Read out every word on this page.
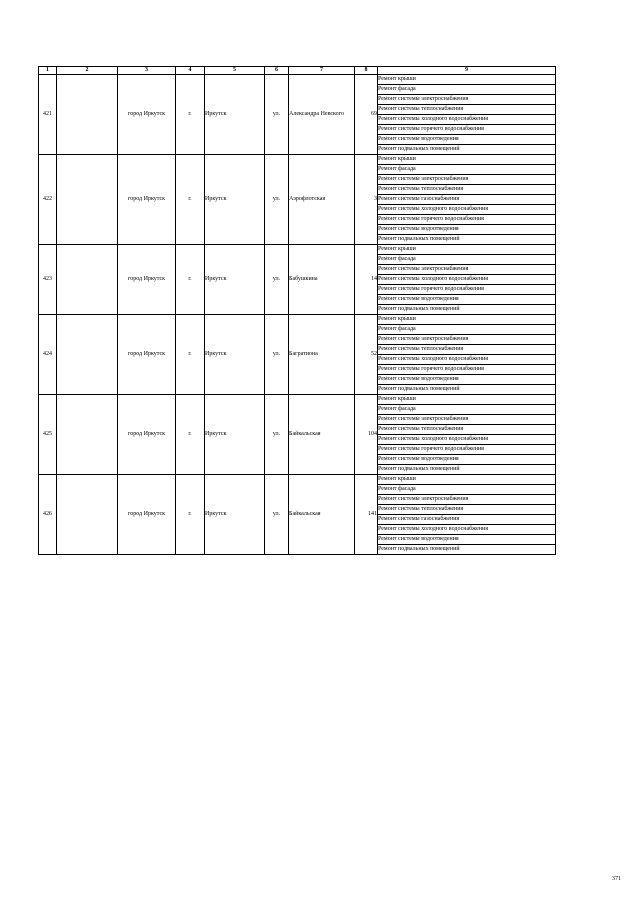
1	2	3	4	5	6	7	8	9
421		город Иркутск	г.	Иркутск	ул.	Александра Невского	69	Ремонт крыши
								Ремонт фасада
								Ремонт системы электроснабжения
								Ремонт системы теплоснабжения
								Ремонт системы холодного водоснабжения
								Ремонт системы горячего водоснабжения
								Ремонт системы водоотведения
								Ремонт подвальных помещений
422		город Иркутск	г.	Иркутск	ул.	Аэрофлотская	3	Ремонт крыши
								Ремонт фасада
								Ремонт системы электроснабжения
								Ремонт системы теплоснабжения
								Ремонт системы газоснабжения
								Ремонт системы холодного водоснабжения
								Ремонт системы горячего водоснабжения
								Ремонт системы водоотведения
								Ремонт подвальных помещений
423		город Иркутск	г.	Иркутск	ул.	Бабушкина	14	Ремонт крыши
								Ремонт фасада
								Ремонт системы электроснабжения
								Ремонт системы холодного водоснабжения
								Ремонт системы горячего водоснабжения
								Ремонт системы водоотведения
								Ремонт подвальных помещений
424		город Иркутск	г.	Иркутск	ул.	Багратиона	52	Ремонт крыши
								Ремонт фасада
								Ремонт системы электроснабжения
								Ремонт системы теплоснабжения
								Ремонт системы холодного водоснабжения
								Ремонт системы горячего водоснабжения
								Ремонт системы водоотведения
								Ремонт подвальных помещений
425		город Иркутск	г.	Иркутск	ул.	Байкальская	104	Ремонт крыши
								Ремонт фасада
								Ремонт системы электроснабжения
								Ремонт системы теплоснабжения
								Ремонт системы холодного водоснабжения
								Ремонт системы горячего водоснабжения
								Ремонт системы водоотведения
								Ремонт подвальных помещений
426		город Иркутск	г.	Иркутск	ул.	Байкальская	141	Ремонт крыши
								Ремонт фасада
								Ремонт системы электроснабжения
								Ремонт системы теплоснабжения
								Ремонт системы газоснабжения
								Ремонт системы холодного водоснабжения
								Ремонт системы водоотведения
								Ремонт подвальных помещений
371
